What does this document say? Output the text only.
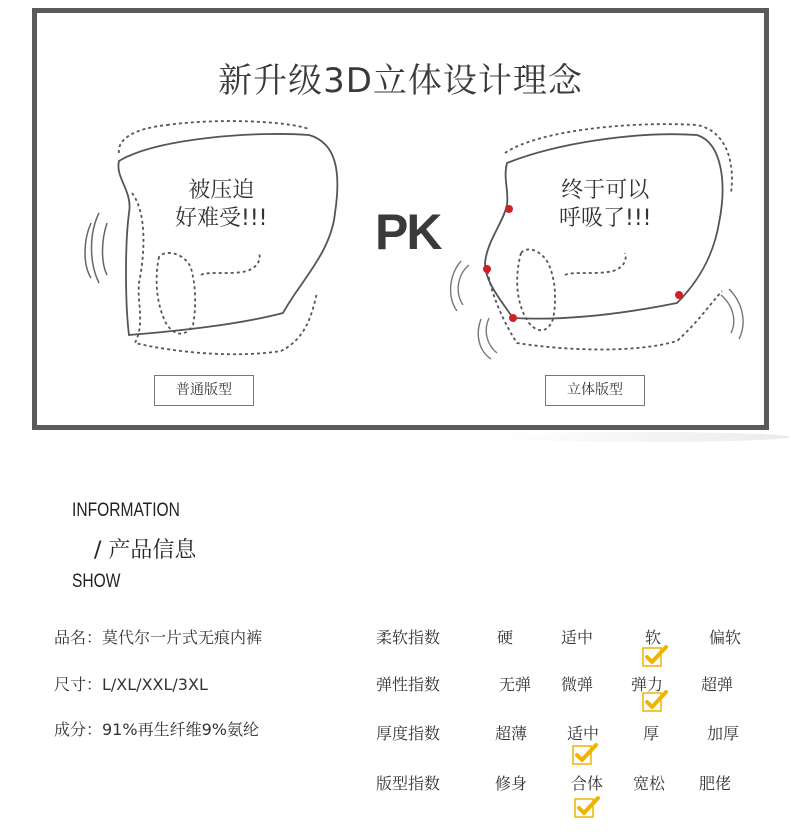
新升级3D立体设计理念
被压迫
好难受!!! PK
终于可以
呼吸了!!!
普通版型	立体版型
INFORMATION
/ 产品信息
SHOW
品名：莫代尔一片式无痕内裤
尺寸：L/XL/XXL/3XL
成分：91%再生纤维9%氨纶
柔软指数	硬	适中	软	偏软
弹性指数	无弹	微弹	弹力	超弹
厚度指数	超薄	适中	厚	加厚
版型指数	修身	合体	宽松	肥佬
